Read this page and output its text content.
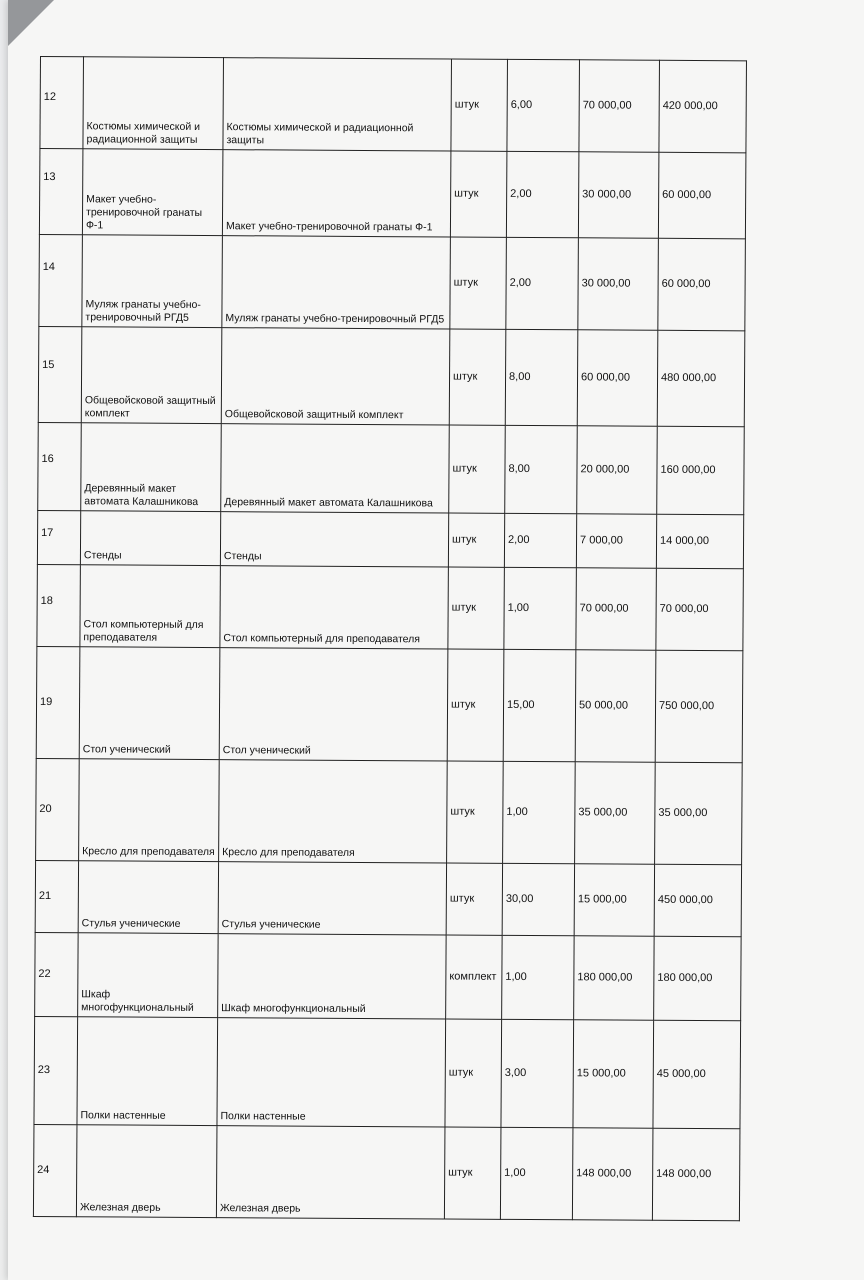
12	Костюмы химической и радиационной защиты	Костюмы химической и радиационной защиты	штук	6,00	70 000,00	420 000,00
13	Макет учебно-тренировочной гранаты Ф-1	Макет учебно-тренировочной гранаты Ф-1	штук	2,00	30 000,00	60 000,00
14	Муляж гранаты учебно-тренировочный РГД5	Муляж гранаты учебно-тренировочный РГД5	штук	2,00	30 000,00	60 000,00
15	Общевойсковой защитный комплект	Общевойсковой защитный комплект	штук	8,00	60 000,00	480 000,00
16	Деревянный макет автомата Калашникова	Деревянный макет автомата Калашникова	штук	8,00	20 000,00	160 000,00
17	Стенды	Стенды	штук	2,00	7 000,00	14 000,00
18	Стол компьютерный для преподавателя	Стол компьютерный для преподавателя	штук	1,00	70 000,00	70 000,00
19	Стол ученический	Стол ученический	штук	15,00	50 000,00	750 000,00
20	Кресло для преподавателя	Кресло для преподавателя	штук	1,00	35 000,00	35 000,00
21	Стулья ученические	Стулья ученические	штук	30,00	15 000,00	450 000,00
22	Шкаф многофункциональный	Шкаф многофункциональный	комплект	1,00	180 000,00	180 000,00
23	Полки настенные	Полки настенные	штук	3,00	15 000,00	45 000,00
24	Железная дверь	Железная дверь	штук	1,00	148 000,00	148 000,00
